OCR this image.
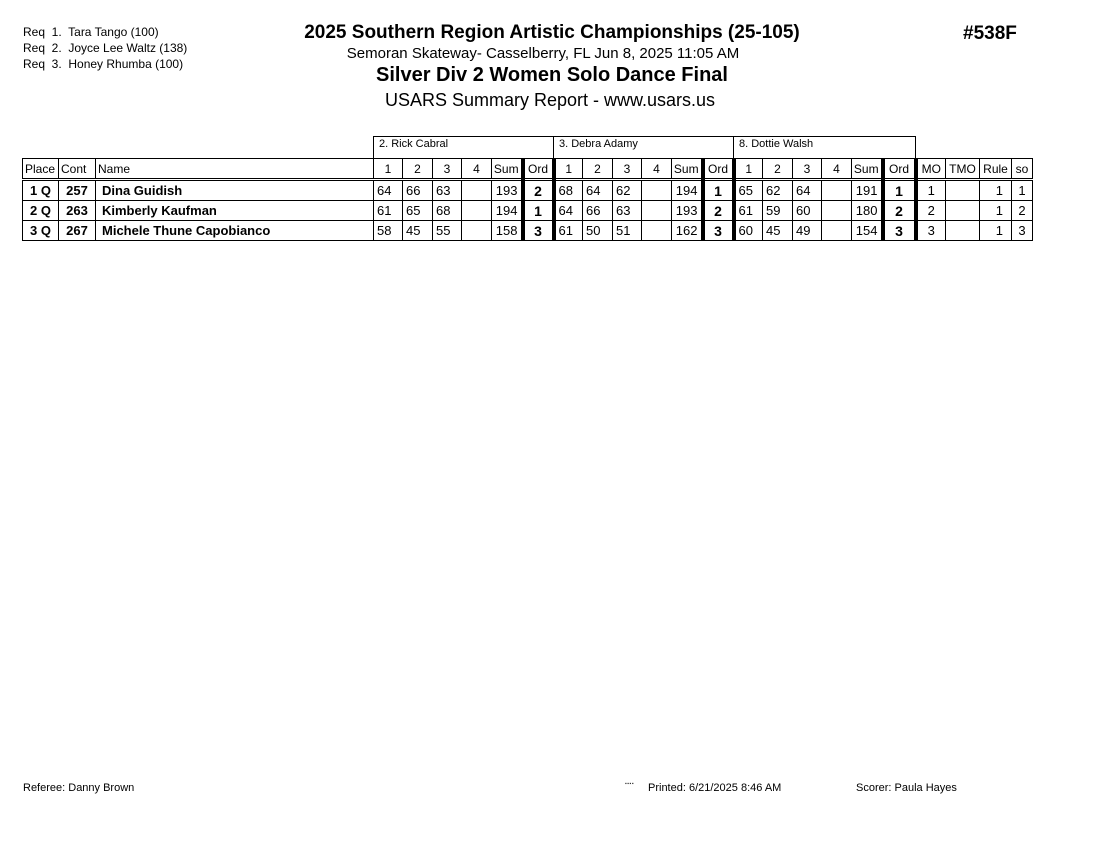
Req  1.  Tara Tango (100)
Req  2.  Joyce Lee Waltz (138)
Req  3.  Honey Rhumba (100)
2025 Southern Region Artistic Championships (25-105)
Semoran Skateway- Casselberry, FL Jun 8, 2025 11:05 AM
Silver Div 2 Women Solo Dance Final
USARS Summary Report - www.usars.us
#538F
			2. Rick Cabral						3. Debra Adamy						8. Dottie Walsh									
Place	Cont	Name	1	2	3	4	Sum	Ord	1	2	3	4	Sum	Ord	1	2	3	4	Sum	Ord	MO	TMO	Rule	so
1 Q	257	Dina Guidish	64	66	63		193	2	68	64	62		194	1	65	62	64		191	1	1		1	1
2 Q	263	Kimberly Kaufman	61	65	68		194	1	64	66	63		193	2	61	59	60		180	2	2		1	2
3 Q	267	Michele Thune Capobianco	58	45	55		158	3	61	50	51		162	3	60	45	49		154	3	3		1	3
Referee: Danny Brown	▪▪▪▪ Printed: 6/21/2025 8:46 AM	Scorer: Paula Hayes
